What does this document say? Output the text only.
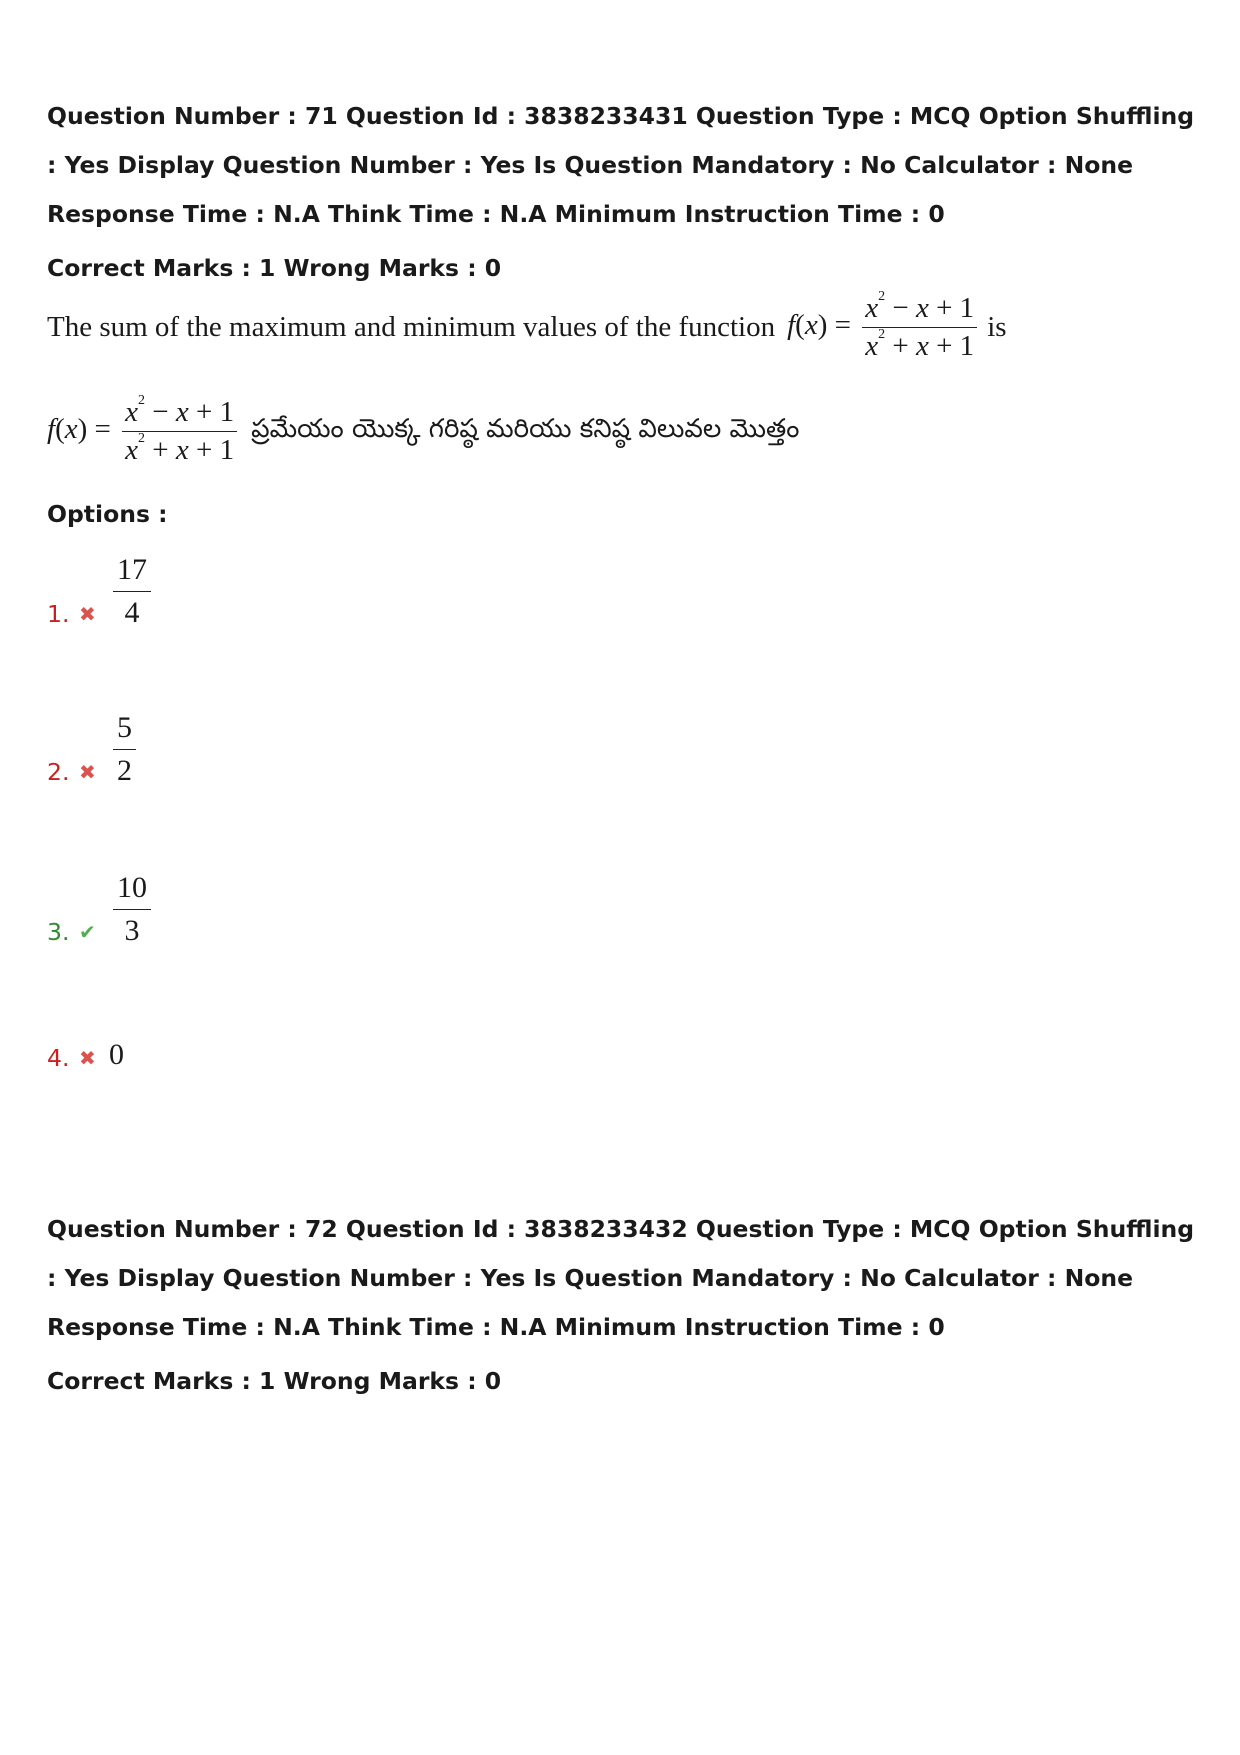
Question Number : 71 Question Id : 3838233431 Question Type : MCQ Option Shuffling : Yes Display Question Number : Yes Is Question Mandatory : No Calculator : None Response Time : N.A Think Time : N.A Minimum Instruction Time : 0
Correct Marks : 1 Wrong Marks : 0
The sum of the maximum and minimum values of the function $f(x) = \frac{x^2 - x + 1}{x^2 + x + 1}$ is
$f(x) = \frac{x^2 - x + 1}{x^2 + x + 1}$ ప్రమేయం యొక్క గరిష్ఠ మరియు కనిష్ఠ విలువల మొత్తం
Options :
1. ✖ $\frac{17}{4}$
2. ✖ $\frac{5}{2}$
3. ✔ $\frac{10}{3}$
4. ✖ 0
Question Number : 72 Question Id : 3838233432 Question Type : MCQ Option Shuffling : Yes Display Question Number : Yes Is Question Mandatory : No Calculator : None Response Time : N.A Think Time : N.A Minimum Instruction Time : 0
Correct Marks : 1 Wrong Marks : 0
